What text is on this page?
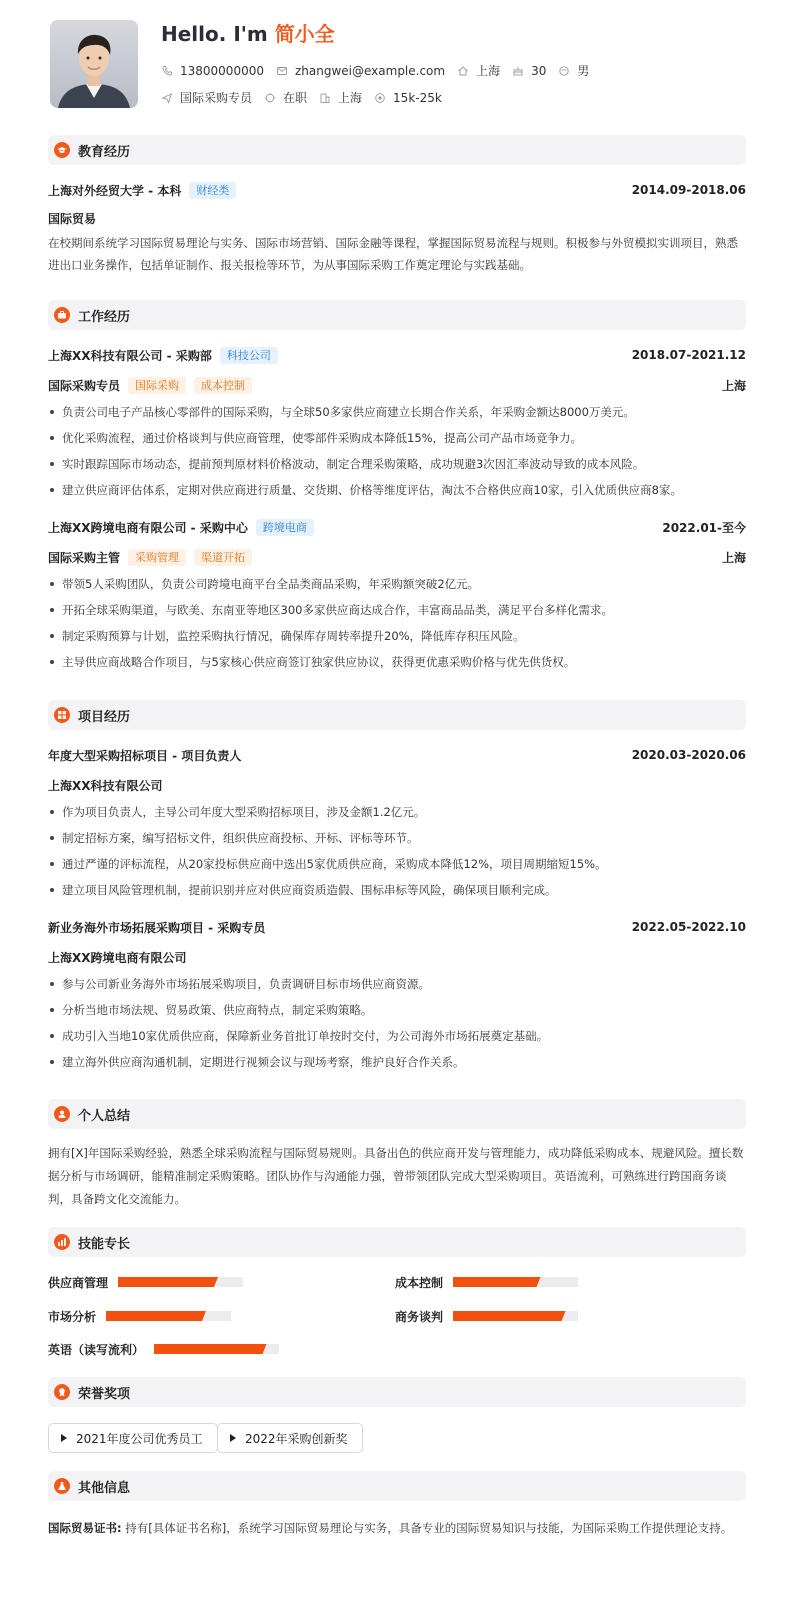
Hello. I'm 简小全
13800000000	zhangwei@example.com	上海	30	男
国际采购专员	在职	上海	15k-25k
教育经历
上海对外经贸大学 - 本科	财经类	2014.09-2018.06
国际贸易
在校期间系统学习国际贸易理论与实务、国际市场营销、国际金融等课程，掌握国际贸易流程与规则。积极参与外贸模拟实训项目，熟悉进出口业务操作，包括单证制作、报关报检等环节，为从事国际采购工作奠定理论与实践基础。
工作经历
上海XX科技有限公司 - 采购部	科技公司	2018.07-2021.12
国际采购专员	国际采购	成本控制	上海
负责公司电子产品核心零部件的国际采购，与全球50多家供应商建立长期合作关系，年采购金额达8000万美元。
优化采购流程，通过价格谈判与供应商管理，使零部件采购成本降低15%，提高公司产品市场竞争力。
实时跟踪国际市场动态，提前预判原材料价格波动，制定合理采购策略，成功规避3次因汇率波动导致的成本风险。
建立供应商评估体系，定期对供应商进行质量、交货期、价格等维度评估，淘汰不合格供应商10家，引入优质供应商8家。
上海XX跨境电商有限公司 - 采购中心	跨境电商	2022.01-至今
国际采购主管	采购管理	渠道开拓	上海
带领5人采购团队，负责公司跨境电商平台全品类商品采购，年采购额突破2亿元。
开拓全球采购渠道，与欧美、东南亚等地区300多家供应商达成合作，丰富商品品类，满足平台多样化需求。
制定采购预算与计划，监控采购执行情况，确保库存周转率提升20%，降低库存积压风险。
主导供应商战略合作项目，与5家核心供应商签订独家供应协议，获得更优惠采购价格与优先供货权。
项目经历
年度大型采购招标项目 - 项目负责人	2020.03-2020.06
上海XX科技有限公司
作为项目负责人，主导公司年度大型采购招标项目，涉及金额1.2亿元。
制定招标方案，编写招标文件，组织供应商投标、开标、评标等环节。
通过严谨的评标流程，从20家投标供应商中选出5家优质供应商，采购成本降低12%，项目周期缩短15%。
建立项目风险管理机制，提前识别并应对供应商资质造假、围标串标等风险，确保项目顺利完成。
新业务海外市场拓展采购项目 - 采购专员	2022.05-2022.10
上海XX跨境电商有限公司
参与公司新业务海外市场拓展采购项目，负责调研目标市场供应商资源。
分析当地市场法规、贸易政策、供应商特点，制定采购策略。
成功引入当地10家优质供应商，保障新业务首批订单按时交付，为公司海外市场拓展奠定基础。
建立海外供应商沟通机制，定期进行视频会议与现场考察，维护良好合作关系。
个人总结
拥有[X]年国际采购经验，熟悉全球采购流程与国际贸易规则。具备出色的供应商开发与管理能力，成功降低采购成本、规避风险。擅长数据分析与市场调研，能精准制定采购策略。团队协作与沟通能力强，曾带领团队完成大型采购项目。英语流利，可熟练进行跨国商务谈判，具备跨文化交流能力。
技能专长
供应商管理	成本控制
市场分析	商务谈判
英语（读写流利）
荣誉奖项
2021年度公司优秀员工	2022年采购创新奖
其他信息
国际贸易证书: 持有[具体证书名称]，系统学习国际贸易理论与实务，具备专业的国际贸易知识与技能，为国际采购工作提供理论支持。
